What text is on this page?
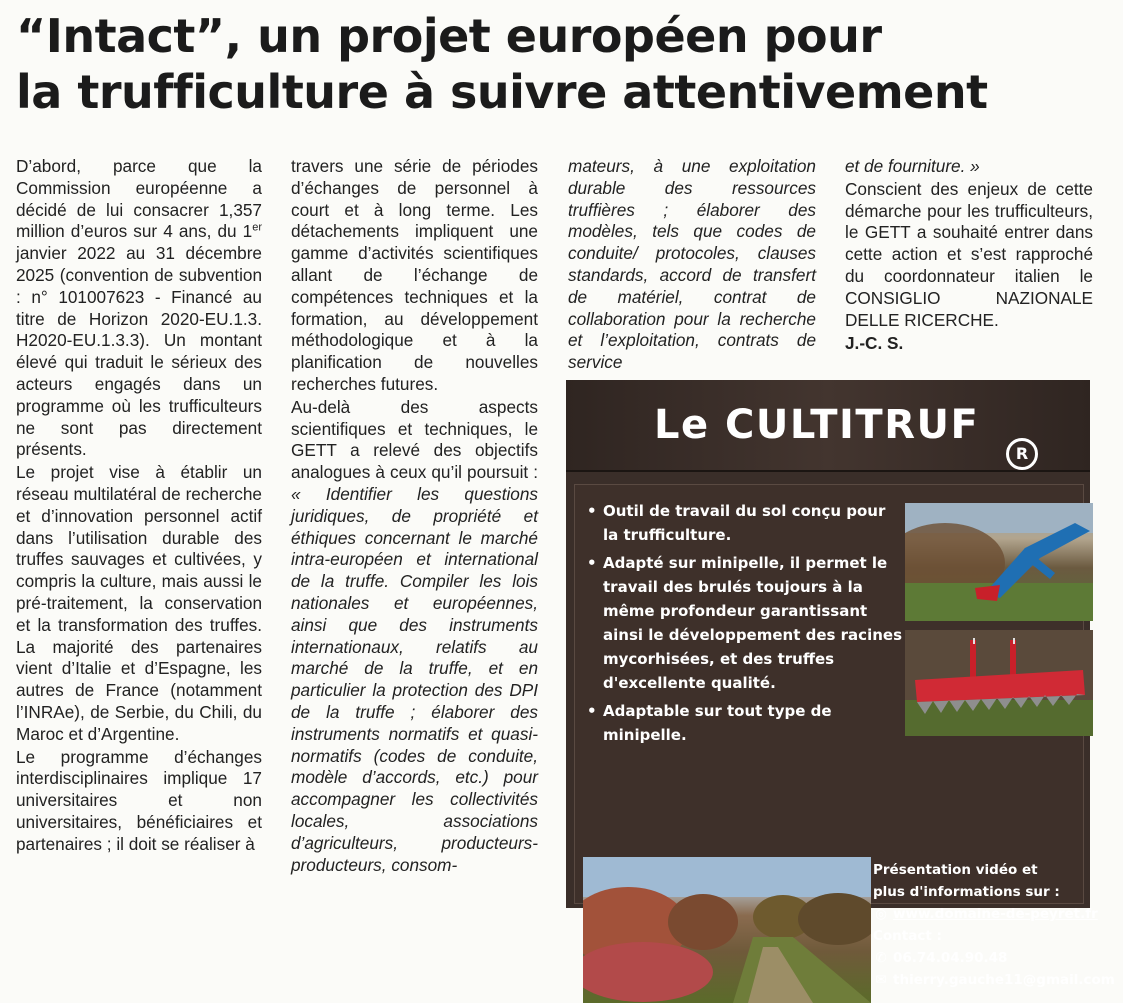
“Intact”, un projet européen pour
la trufficulture à suivre attentivement

D’abord, parce que la Commission européenne a décidé de lui consacrer 1,357 million d’euros sur 4 ans, du 1er janvier 2022 au 31 décembre 2025 (convention de subvention : n° 101007623 - Financé au titre de Horizon 2020-EU.1.3. H2020-EU.1.3.3). Un montant élevé qui traduit le sérieux des acteurs engagés dans un programme où les trufficulteurs ne sont pas directement présents.

Le projet vise à établir un réseau multilatéral de recherche et d’innovation personnel actif dans l’utilisation durable des truffes sauvages et cultivées, y compris la culture, mais aussi le pré-traitement, la conservation et la transformation des truffes. La majorité des partenaires vient d’Italie et d’Espagne, les autres de France (notamment l’INRAe), de Serbie, du Chili, du Maroc et d’Argentine.

Le programme d’échanges interdisciplinaires implique 17 universitaires et non universitaires, bénéficiaires et partenaires ; il doit se réaliser à

travers une série de périodes d’échanges de personnel à court et à long terme. Les détachements impliquent une gamme d’activités scientifiques allant de l’échange de compétences techniques et la formation, au développement méthodologique et à la planification de nouvelles recherches futures.

Au-delà des aspects scientifiques et techniques, le GETT a relevé des objectifs analogues à ceux qu’il poursuit : « Identifier les questions juridiques, de propriété et éthiques concernant le marché intra-européen et international de la truffe. Compiler les lois nationales et européennes, ainsi que des instruments internationaux, relatifs au marché de la truffe, et en particulier la protection des DPI de la truffe ; élaborer des instruments normatifs et quasi-normatifs (codes de conduite, modèle d’accords, etc.) pour accompagner les collectivités locales, associations d’agriculteurs, producteurs-producteurs, consom-

mateurs, à une exploitation durable des ressources truffières ; élaborer des modèles, tels que codes de conduite/ protocoles, clauses standards, accord de transfert de matériel, contrat de collaboration pour la recherche et l’exploitation, contrats de service

et de fourniture. »

Conscient des enjeux de cette démarche pour les trufficulteurs, le GETT a souhaité entrer dans cette action et s’est rapproché du coordonnateur italien le CONSIGLIO NAZIONALE DELLE RICERCHE.

J.-C. S.

Le CULTITRUF
R
• Outil de travail du sol conçu pour la trufficulture.
• Adapté sur minipelle, il permet le travail des brulés toujours à la même profondeur garantissant ainsi le développement des racines mycorhisées, et des truffes d'excellente qualité.
• Adaptable sur tout type de minipelle.
Présentation vidéo et
plus d'informations sur :
◎ www.domaine-de-peyret.fr
Contact :
✆ 06.74.04.90.48
✉ thierry.gauche11@gmail.com
